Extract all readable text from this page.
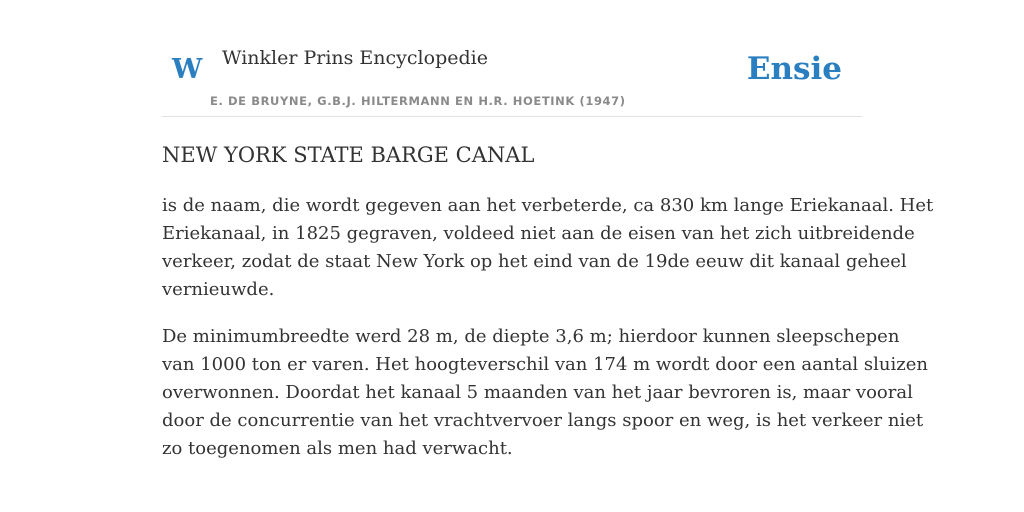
W Winkler Prins Encyclopedie
E. DE BRUYNE, G.B.J. HILTERMANN EN H.R. HOETINK (1947)
Ensie
NEW YORK STATE BARGE CANAL

is de naam, die wordt gegeven aan het verbeterde, ca 830 km lange Eriekanaal. Het
Eriekanaal, in 1825 gegraven, voldeed niet aan de eisen van het zich uitbreidende
verkeer, zodat de staat New York op het eind van de 19de eeuw dit kanaal geheel
vernieuwde.

De minimumbreedte werd 28 m, de diepte 3,6 m; hierdoor kunnen sleepschepen
van 1000 ton er varen. Het hoogteverschil van 174 m wordt door een aantal sluizen
overwonnen. Doordat het kanaal 5 maanden van het jaar bevroren is, maar vooral
door de concurrentie van het vrachtvervoer langs spoor en weg, is het verkeer niet
zo toegenomen als men had verwacht.
